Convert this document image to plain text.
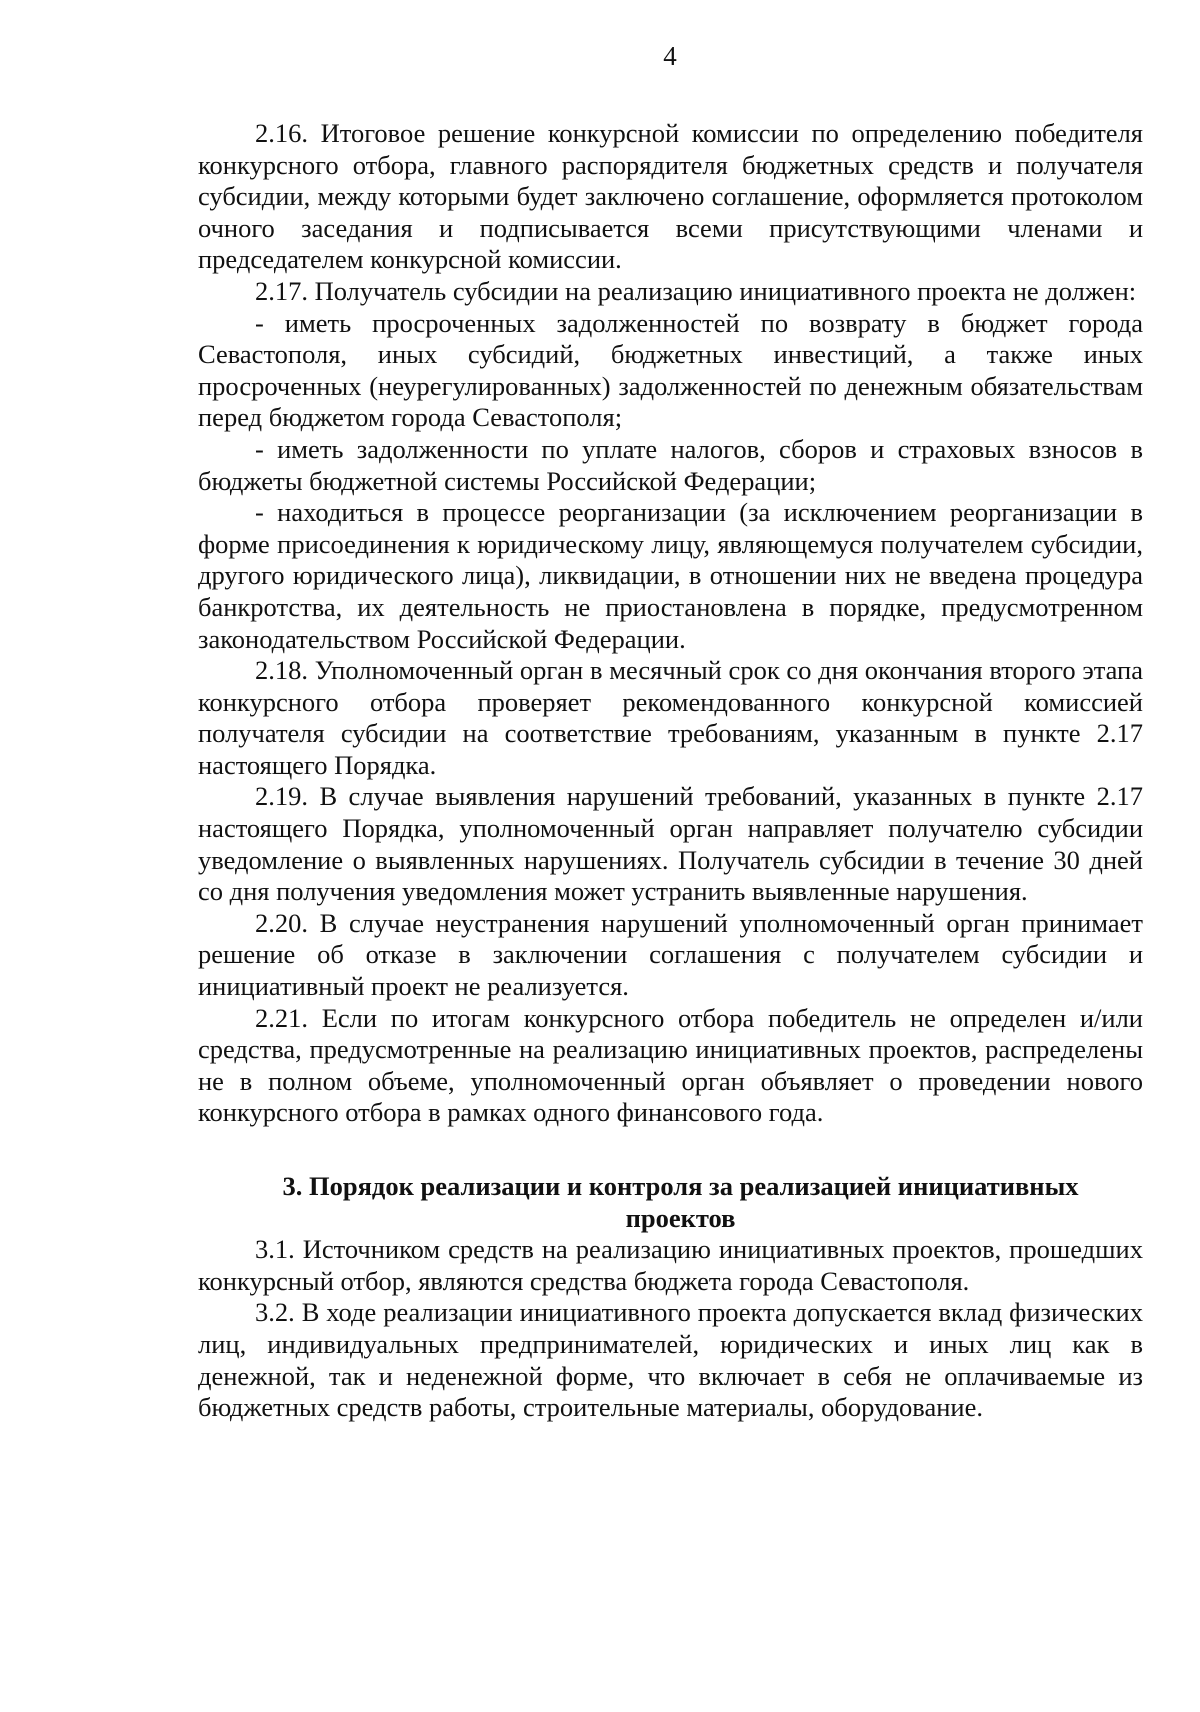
4

2.16. Итоговое решение конкурсной комиссии по определению победителя конкурсного отбора, главного распорядителя бюджетных средств и получателя субсидии, между которыми будет заключено соглашение, оформляется протоколом очного заседания и подписывается всеми присутствующими членами и председателем конкурсной комиссии.

2.17. Получатель субсидии на реализацию инициативного проекта не должен:

- иметь просроченных задолженностей по возврату в бюджет города Севастополя, иных субсидий, бюджетных инвестиций, а также иных просроченных (неурегулированных) задолженностей по денежным обязательствам перед бюджетом города Севастополя;

- иметь задолженности по уплате налогов, сборов и страховых взносов в бюджеты бюджетной системы Российской Федерации;

- находиться в процессе реорганизации (за исключением реорганизации в форме присоединения к юридическому лицу, являющемуся получателем субсидии, другого юридического лица), ликвидации, в отношении них не введена процедура банкротства, их деятельность не приостановлена в порядке, предусмотренном законодательством Российской Федерации.

2.18. Уполномоченный орган в месячный срок со дня окончания второго этапа конкурсного отбора проверяет рекомендованного конкурсной комиссией получателя субсидии на соответствие требованиям, указанным в пункте 2.17 настоящего Порядка.

2.19. В случае выявления нарушений требований, указанных в пункте 2.17 настоящего Порядка, уполномоченный орган направляет получателю субсидии уведомление о выявленных нарушениях. Получатель субсидии в течение 30 дней со дня получения уведомления может устранить выявленные нарушения.

2.20. В случае неустранения нарушений уполномоченный орган принимает решение об отказе в заключении соглашения с получателем субсидии и инициативный проект не реализуется.

2.21. Если по итогам конкурсного отбора победитель не определен и/или средства, предусмотренные на реализацию инициативных проектов, распределены не в полном объеме, уполномоченный орган объявляет о проведении нового конкурсного отбора в рамках одного финансового года.

3. Порядок реализации и контроля за реализацией инициативных проектов

3.1. Источником средств на реализацию инициативных проектов, прошедших конкурсный отбор, являются средства бюджета города Севастополя.

3.2. В ходе реализации инициативного проекта допускается вклад физических лиц, индивидуальных предпринимателей, юридических и иных лиц как в денежной, так и неденежной форме, что включает в себя не оплачиваемые из бюджетных средств работы, строительные материалы, оборудование.
